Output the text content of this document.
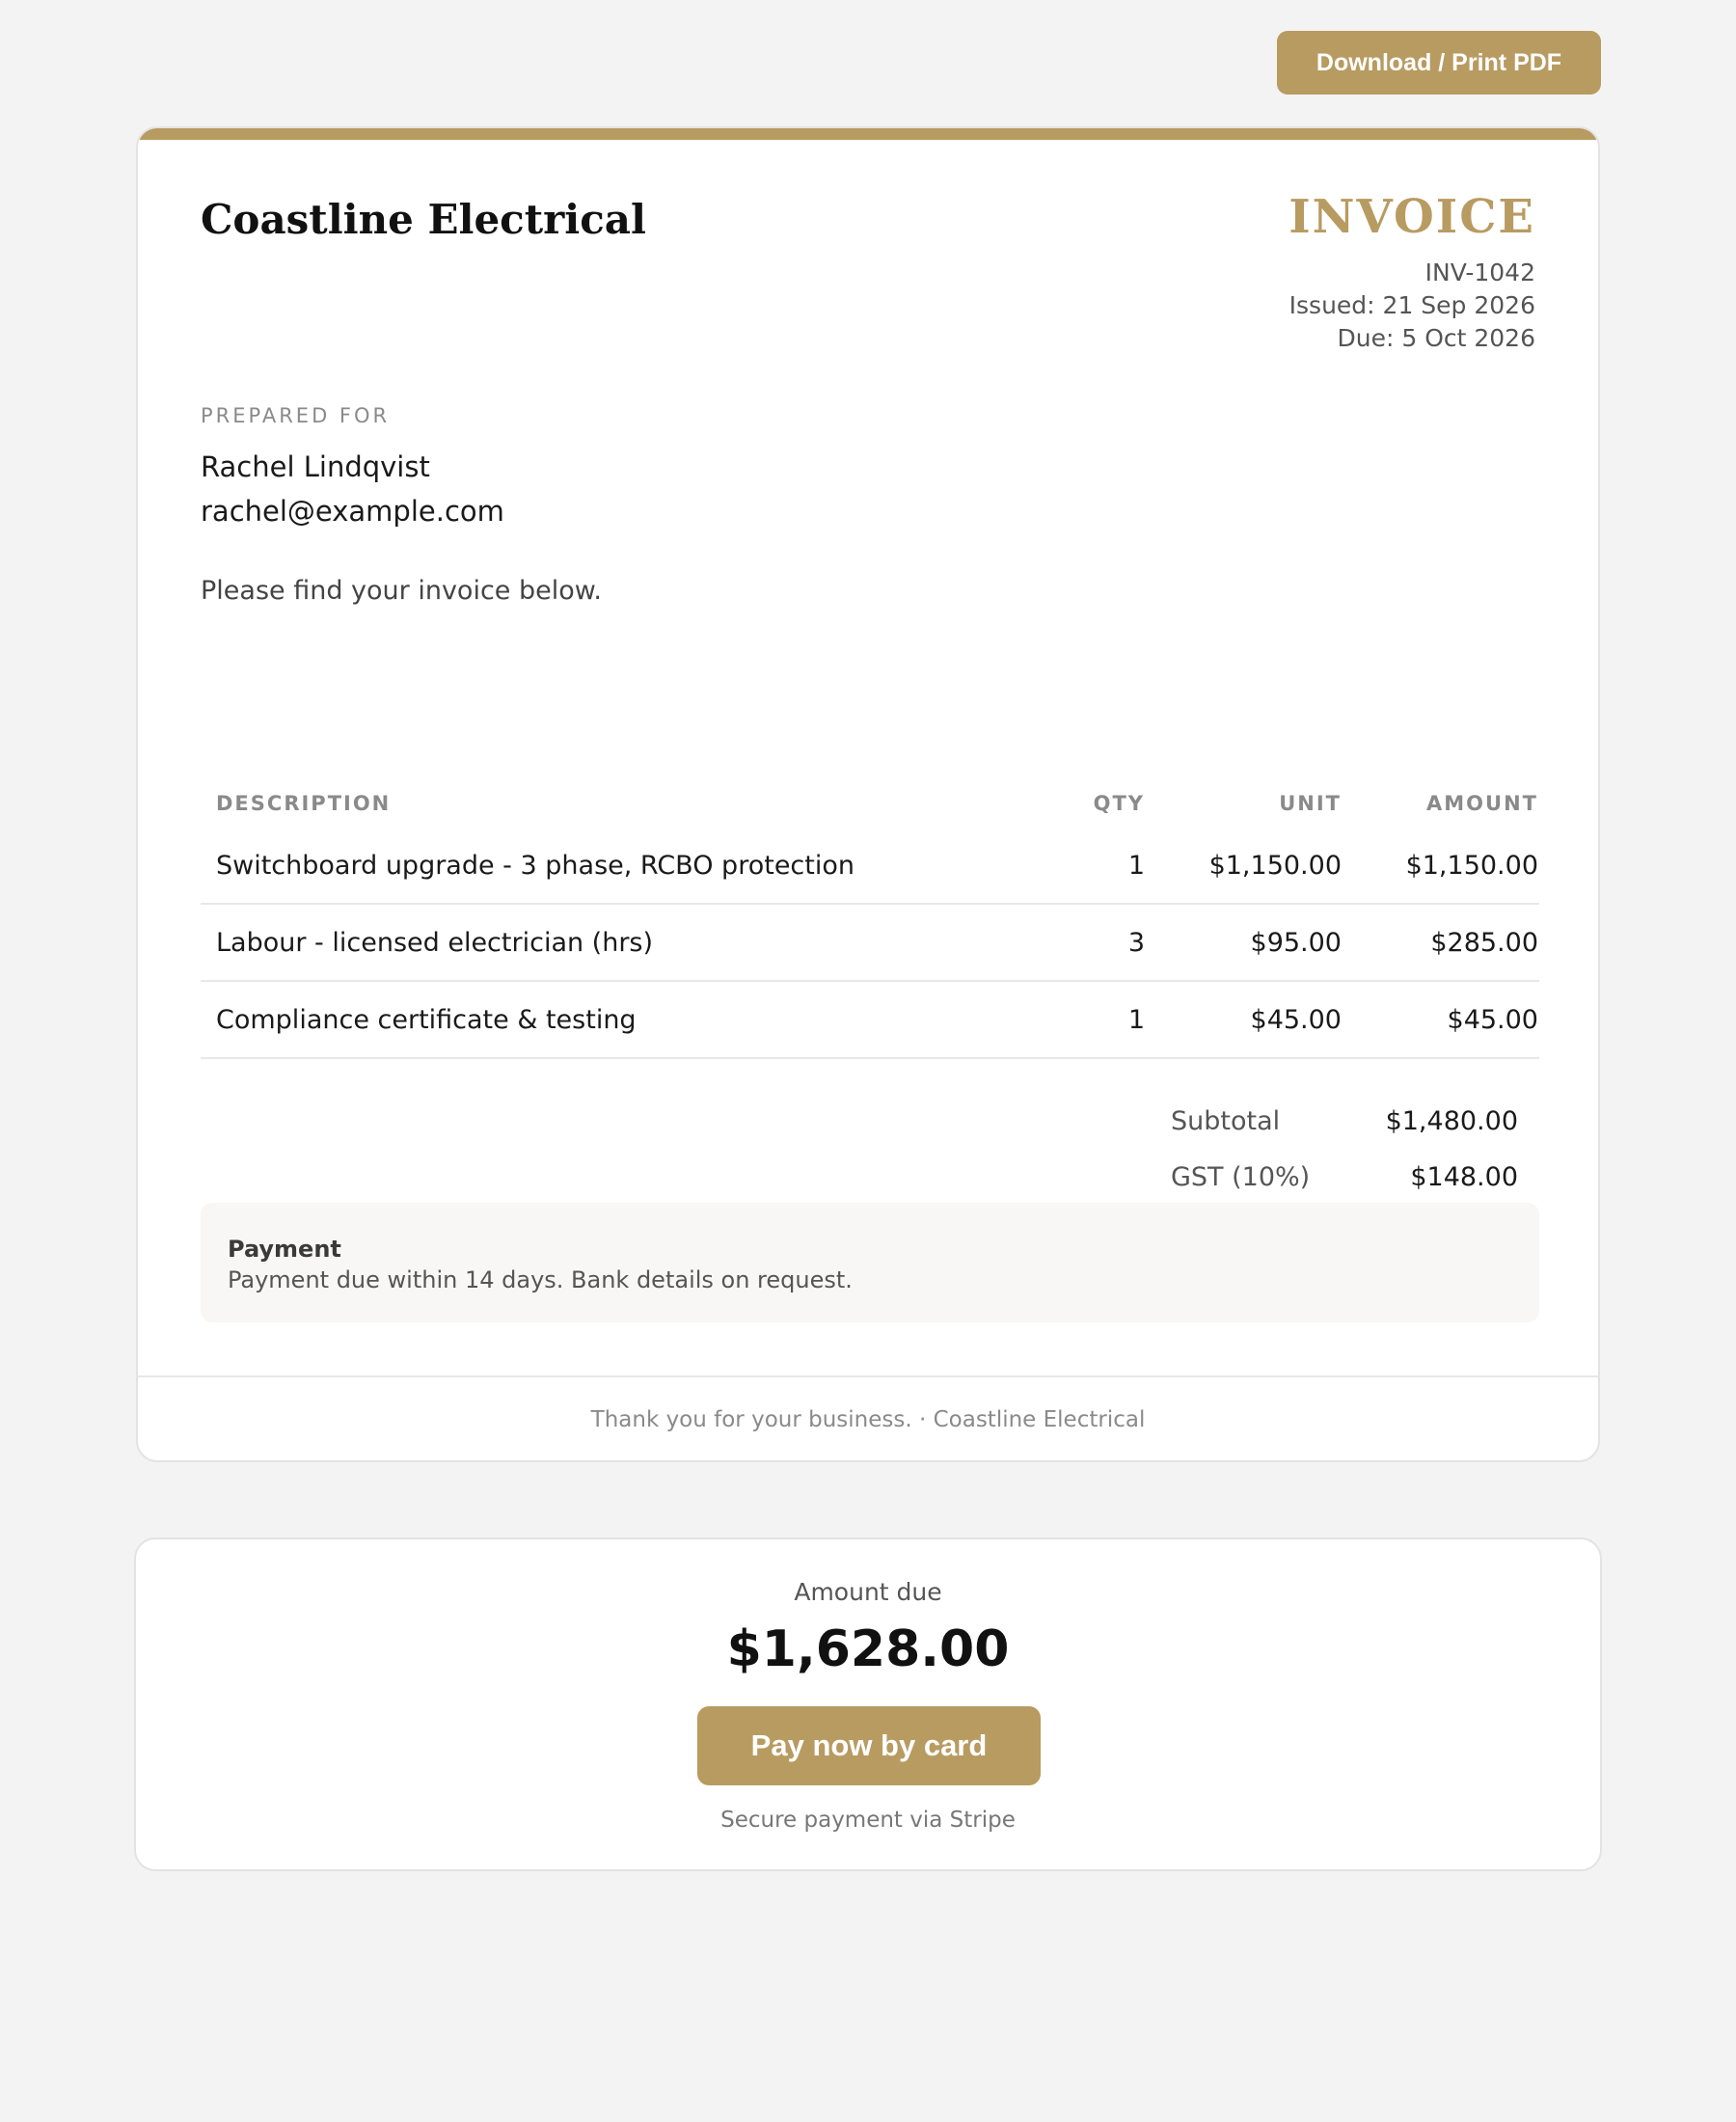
Download / Print PDF
Coastline Electrical	INVOICE
INV-1042
Issued: 21 Sep 2026
Due: 5 Oct 2026
PREPARED FOR
Rachel Lindqvist
rachel@example.com
Please find your invoice below.
DESCRIPTION	QTY	UNIT	AMOUNT
Switchboard upgrade - 3 phase, RCBO protection	1	$1,150.00	$1,150.00
Labour - licensed electrician (hrs)	3	$95.00	$285.00
Compliance certificate & testing	1	$45.00	$45.00
Subtotal	$1,480.00
GST (10%)	$148.00
Payment
Payment due within 14 days. Bank details on request.
Thank you for your business. · Coastline Electrical
Amount due
$1,628.00
Pay now by card
Secure payment via Stripe
